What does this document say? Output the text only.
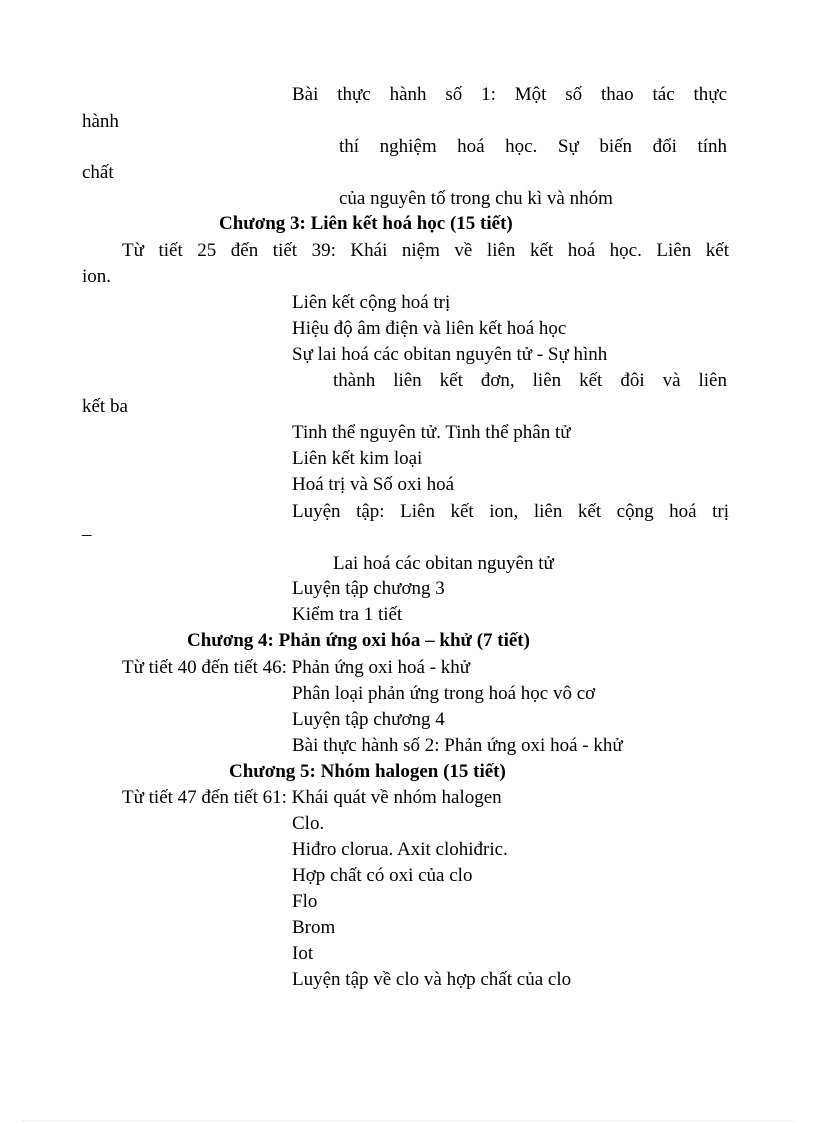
Bài thực hành số 1: Một số thao tác thực
hành
thí nghiệm hoá học. Sự biến đổi tính
chất
của nguyên tố trong chu kì và nhóm
Chương 3: Liên kết hoá học (15 tiết)
Từ tiết 25 đến tiết 39: Khái niệm về liên kết hoá học. Liên kết
ion.
Liên kết cộng hoá trị
Hiệu độ âm điện và liên kết hoá học
Sự lai hoá các obitan nguyên tử - Sự hình
thành liên kết đơn, liên kết đôi và liên
kết ba
Tinh thể nguyên tử. Tinh thể phân tử
Liên kết kim loại
Hoá trị và Số oxi hoá
Luyện tập: Liên kết ion, liên kết cộng hoá trị
–
Lai hoá các obitan nguyên tử
Luyện tập chương 3
Kiểm tra 1 tiết
Chương 4: Phản ứng oxi hóa – khử (7 tiết)
Từ tiết 40 đến tiết 46: Phản ứng oxi hoá - khử
Phân loại phản ứng trong hoá học vô cơ
Luyện tập chương 4
Bài thực hành số 2: Phản ứng oxi hoá - khử
Chương 5: Nhóm halogen (15 tiết)
Từ tiết 47 đến tiết 61: Khái quát về nhóm halogen
Clo.
Hiđro clorua. Axit clohiđric.
Hợp chất có oxi của clo
Flo
Brom
Iot
Luyện tập về clo và hợp chất của clo
